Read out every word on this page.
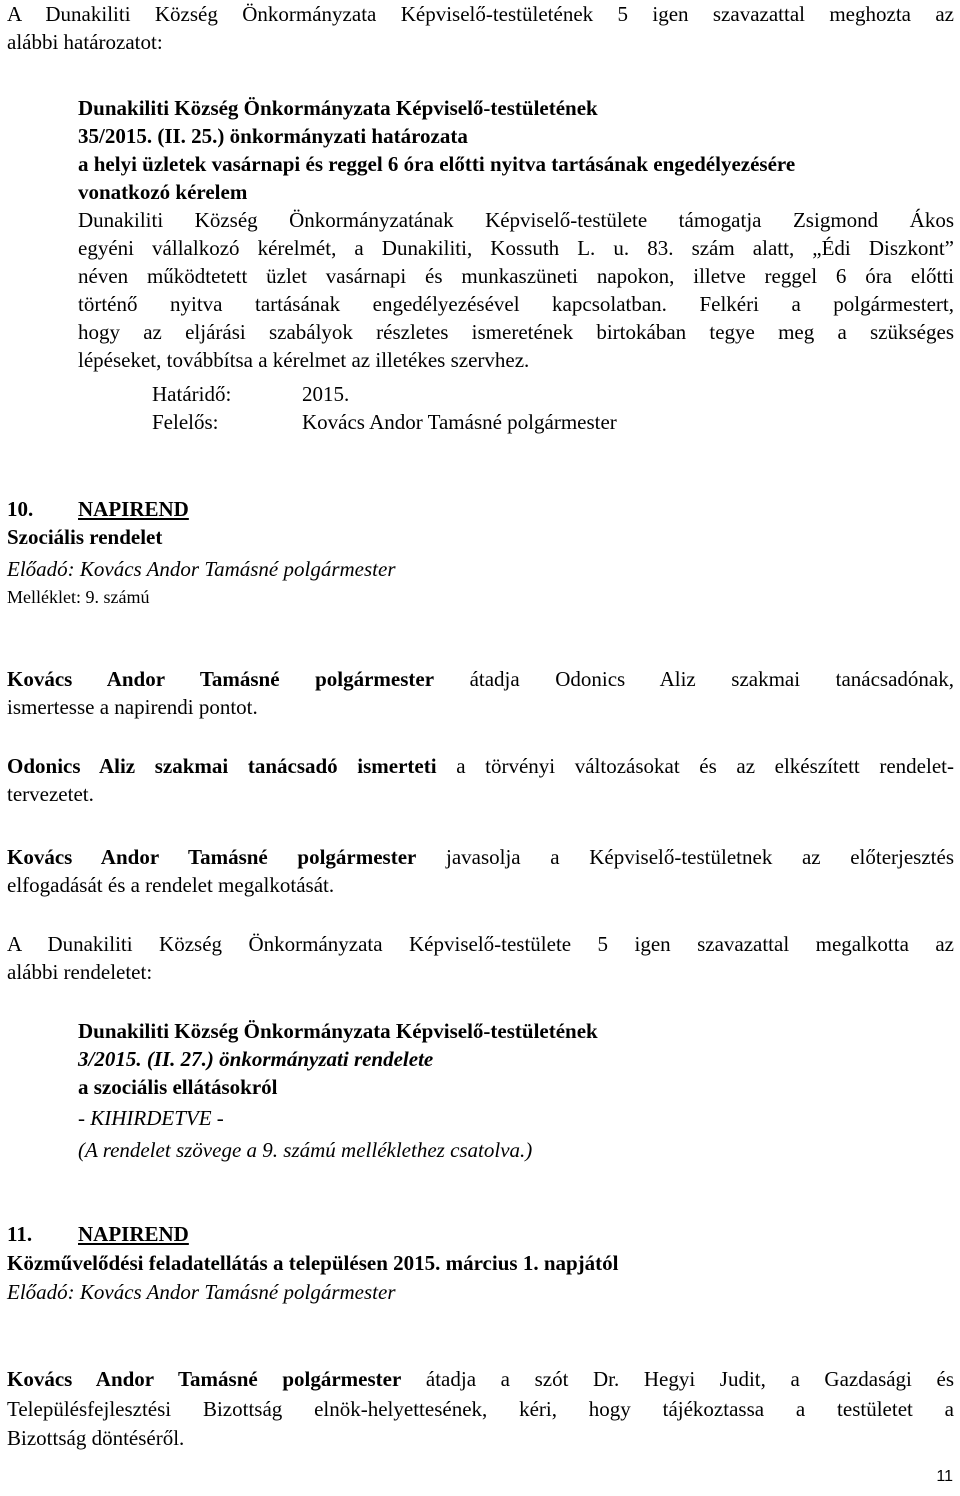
A Dunakiliti Község Önkormányzata Képviselő-testületének 5 igen szavazattal meghozta az
alábbi határozatot:
Dunakiliti Község Önkormányzata Képviselő-testületének
35/2015. (II. 25.) önkormányzati határozata
a helyi üzletek vasárnapi és reggel 6 óra előtti nyitva tartásának engedélyezésére
vonatkozó kérelem
Dunakiliti Község Önkormányzatának Képviselő-testülete támogatja Zsigmond Ákos
egyéni vállalkozó kérelmét, a Dunakiliti, Kossuth L. u. 83. szám alatt, „Édi Diszkont”
néven működtetett üzlet vasárnapi és munkaszüneti napokon, illetve reggel 6 óra előtti
történő nyitva tartásának engedélyezésével kapcsolatban. Felkéri a polgármestert,
hogy az eljárási szabályok részletes ismeretének birtokában tegye meg a szükséges
lépéseket, továbbítsa a kérelmet az illetékes szervhez.
Határidő:	2015.
Felelős:	Kovács Andor Tamásné polgármester
10. NAPIREND
Szociális rendelet
Előadó: Kovács Andor Tamásné polgármester
Melléklet: 9. számú
Kovács Andor Tamásné polgármester átadja Odonics Aliz szakmai tanácsadónak,
ismertesse a napirendi pontot.
Odonics Aliz szakmai tanácsadó ismerteti a törvényi változásokat és az elkészített rendelet-
tervezetet.
Kovács Andor Tamásné polgármester javasolja a Képviselő-testületnek az előterjesztés
elfogadását és a rendelet megalkotását.
A Dunakiliti Község Önkormányzata Képviselő-testülete 5 igen szavazattal megalkotta az
alábbi rendeletet:
Dunakiliti Község Önkormányzata Képviselő-testületének
3/2015. (II. 27.) önkormányzati rendelete
a szociális ellátásokról
- KIHIRDETVE -
(A rendelet szövege a 9. számú melléklethez csatolva.)
11. NAPIREND
Közművelődési feladatellátás a településen 2015. március 1. napjától
Előadó: Kovács Andor Tamásné polgármester
Kovács Andor Tamásné polgármester átadja a szót Dr. Hegyi Judit, a Gazdasági és
Településfejlesztési Bizottság elnök-helyettesének, kéri, hogy tájékoztassa a testületet a
Bizottság döntéséről.
11
